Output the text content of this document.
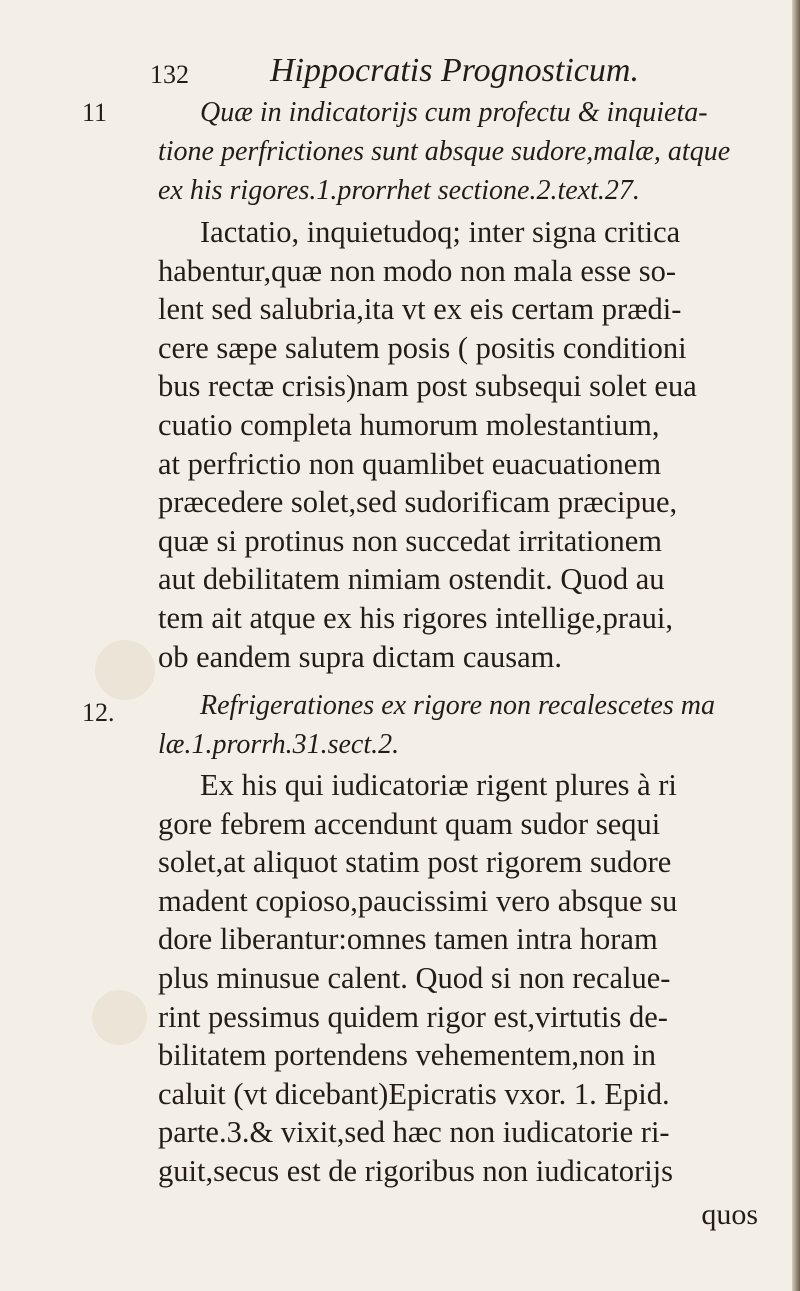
132 Hippocratis Prognosticum.
11	Quæ in indicatorijs cum profectu & inquieta-
tione perfrictiones sunt absque sudore,malæ, atque
ex his rigores.1.prorrhet sectione.2.text.27.
Iactatio, inquietudoq; inter signa critica
habentur,quæ non modo non mala esse so-
lent sed salubria,ita vt ex eis certam prædi-
cere sæpe salutem posis ( positis conditioni
bus rectæ crisis)nam post subsequi solet eua
cuatio completa humorum molestantium,
at perfrictio non quamlibet euacuationem
præcedere solet,sed sudorificam præcipue,
quæ si protinus non succedat irritationem
aut debilitatem nimiam ostendit. Quod au
tem ait atque ex his rigores intellige,praui,
ob eandem supra dictam causam.
12.	Refrigerationes ex rigore non recalescetes ma
læ.1.prorrh.31.sect.2.
Ex his qui iudicatoriæ rigent plures à ri
gore febrem accendunt quam sudor sequi
solet,at aliquot statim post rigorem sudore
madent copioso,paucissimi vero absque su
dore liberantur:omnes tamen intra horam
plus minusue calent. Quod si non recalue-
rint pessimus quidem rigor est,virtutis de-
bilitatem portendens vehementem,non in
caluit (vt dicebant)Epicratis vxor. 1. Epid.
parte.3.& vixit,sed hæc non iudicatorie ri-
guit,secus est de rigoribus non iudicatorijs
quos
